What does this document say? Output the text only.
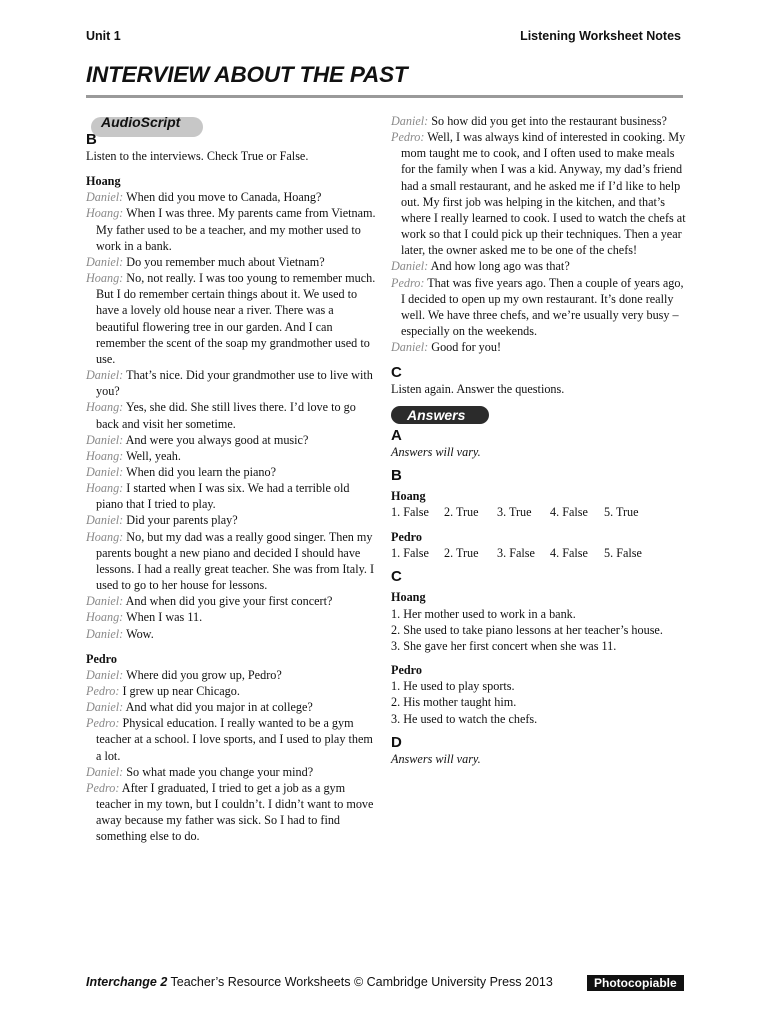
Unit 1	Listening Worksheet Notes
INTERVIEW ABOUT THE PAST
AudioScript
B
Listen to the interviews. Check True or False.
Hoang
Daniel: When did you move to Canada, Hoang?
Hoang: When I was three. My parents came from Vietnam. My father used to be a teacher, and my mother used to work in a bank.
Daniel: Do you remember much about Vietnam?
Hoang: No, not really. I was too young to remember much. But I do remember certain things about it. We used to have a lovely old house near a river. There was a beautiful flowering tree in our garden. And I can remember the scent of the soap my grandmother used to use.
Daniel: That’s nice. Did your grandmother use to live with you?
Hoang: Yes, she did. She still lives there. I’d love to go back and visit her sometime.
Daniel: And were you always good at music?
Hoang: Well, yeah.
Daniel: When did you learn the piano?
Hoang: I started when I was six. We had a terrible old piano that I tried to play.
Daniel: Did your parents play?
Hoang: No, but my dad was a really good singer. Then my parents bought a new piano and decided I should have lessons. I had a really great teacher. She was from Italy. I used to go to her house for lessons.
Daniel: And when did you give your first concert?
Hoang: When I was 11.
Daniel: Wow.
Pedro
Daniel: Where did you grow up, Pedro?
Pedro: I grew up near Chicago.
Daniel: And what did you major in at college?
Pedro: Physical education. I really wanted to be a gym teacher at a school. I love sports, and I used to play them a lot.
Daniel: So what made you change your mind?
Pedro: After I graduated, I tried to get a job as a gym teacher in my town, but I couldn’t. I didn’t want to move away because my father was sick. So I had to find something else to do.
Daniel: So how did you get into the restaurant business?
Pedro: Well, I was always kind of interested in cooking. My mom taught me to cook, and I often used to make meals for the family when I was a kid. Anyway, my dad’s friend had a small restaurant, and he asked me if I’d like to help out. My first job was helping in the kitchen, and that’s where I really learned to cook. I used to watch the chefs at work so that I could pick up their techniques. Then a year later, the owner asked me to be one of the chefs!
Daniel: And how long ago was that?
Pedro: That was five years ago. Then a couple of years ago, I decided to open up my own restaurant. It’s done really well. We have three chefs, and we’re usually very busy – especially on the weekends.
Daniel: Good for you!
C
Listen again. Answer the questions.
Answers
A
Answers will vary.
B
Hoang
1. False	2. True	3. True	4. False	5. True
Pedro
1. False	2. True	3. False	4. False	5. False
C
Hoang
1. Her mother used to work in a bank.
2. She used to take piano lessons at her teacher’s house.
3. She gave her first concert when she was 11.
Pedro
1. He used to play sports.
2. His mother taught him.
3. He used to watch the chefs.
D
Answers will vary.
Interchange 2 Teacher’s Resource Worksheets © Cambridge University Press 2013	Photocopiable
